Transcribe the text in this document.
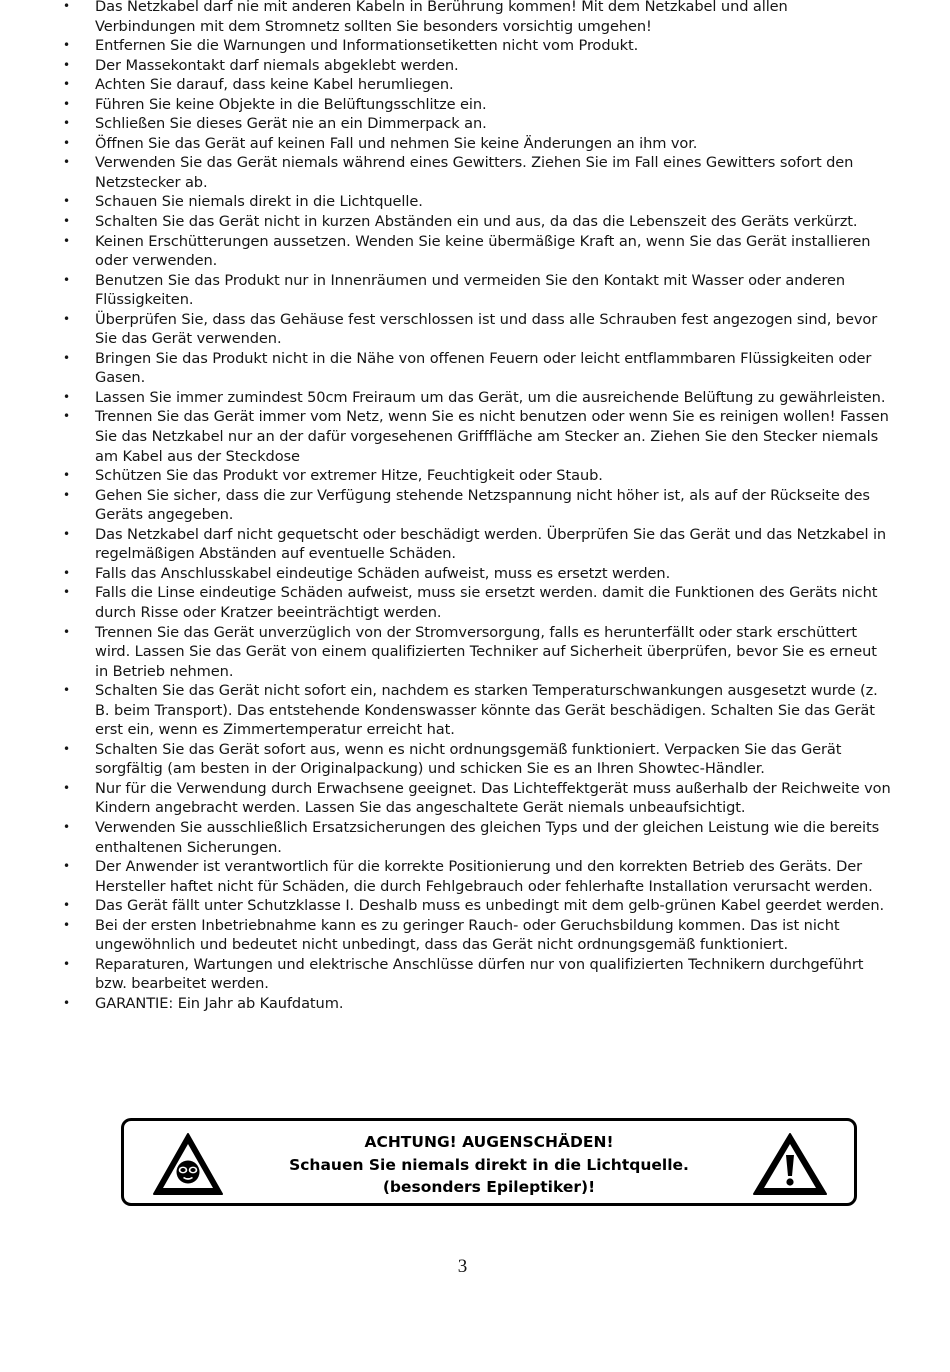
• Das Netzkabel darf nie mit anderen Kabeln in Berührung kommen! Mit dem Netzkabel und allen Verbindungen mit dem Stromnetz sollten Sie besonders vorsichtig umgehen!
• Entfernen Sie die Warnungen und Informationsetiketten nicht vom Produkt.
• Der Massekontakt darf niemals abgeklebt werden.
• Achten Sie darauf, dass keine Kabel herumliegen.
• Führen Sie keine Objekte in die Belüftungsschlitze ein.
• Schließen Sie dieses Gerät nie an ein Dimmerpack an.
• Öffnen Sie das Gerät auf keinen Fall und nehmen Sie keine Änderungen an ihm vor.
• Verwenden Sie das Gerät niemals während eines Gewitters. Ziehen Sie im Fall eines Gewitters sofort den Netzstecker ab.
• Schauen Sie niemals direkt in die Lichtquelle.
• Schalten Sie das Gerät nicht in kurzen Abständen ein und aus, da das die Lebenszeit des Geräts verkürzt.
• Keinen Erschütterungen aussetzen. Wenden Sie keine übermäßige Kraft an, wenn Sie das Gerät installieren oder verwenden.
• Benutzen Sie das Produkt nur in Innenräumen und vermeiden Sie den Kontakt mit Wasser oder anderen Flüssigkeiten.
• Überprüfen Sie, dass das Gehäuse fest verschlossen ist und dass alle Schrauben fest angezogen sind, bevor Sie das Gerät verwenden.
• Bringen Sie das Produkt nicht in die Nähe von offenen Feuern oder leicht entflammbaren Flüssigkeiten oder Gasen.
• Lassen Sie immer zumindest 50cm Freiraum um das Gerät, um die ausreichende Belüftung zu gewährleisten.
• Trennen Sie das Gerät immer vom Netz, wenn Sie es nicht benutzen oder wenn Sie es reinigen wollen! Fassen Sie das Netzkabel nur an der dafür vorgesehenen Grifffläche am Stecker an. Ziehen Sie den Stecker niemals am Kabel aus der Steckdose
• Schützen Sie das Produkt vor extremer Hitze, Feuchtigkeit oder Staub.
• Gehen Sie sicher, dass die zur Verfügung stehende Netzspannung nicht höher ist, als auf der Rückseite des Geräts angegeben.
• Das Netzkabel darf nicht gequetscht oder beschädigt werden. Überprüfen Sie das Gerät und das Netzkabel in regelmäßigen Abständen auf eventuelle Schäden.
• Falls das Anschlusskabel eindeutige Schäden aufweist, muss es ersetzt werden.
• Falls die Linse eindeutige Schäden aufweist, muss sie ersetzt werden. damit die Funktionen des Geräts nicht durch Risse oder Kratzer beeinträchtigt werden.
• Trennen Sie das Gerät unverzüglich von der Stromversorgung, falls es herunterfällt oder stark erschüttert wird. Lassen Sie das Gerät von einem qualifizierten Techniker auf Sicherheit überprüfen, bevor Sie es erneut in Betrieb nehmen.
• Schalten Sie das Gerät nicht sofort ein, nachdem es starken Temperaturschwankungen ausgesetzt wurde (z. B. beim Transport). Das entstehende Kondenswasser könnte das Gerät beschädigen. Schalten Sie das Gerät erst ein, wenn es Zimmertemperatur erreicht hat.
• Schalten Sie das Gerät sofort aus, wenn es nicht ordnungsgemäß funktioniert. Verpacken Sie das Gerät sorgfältig (am besten in der Originalpackung) und schicken Sie es an Ihren Showtec-Händler.
• Nur für die Verwendung durch Erwachsene geeignet. Das Lichteffektgerät muss außerhalb der Reichweite von Kindern angebracht werden. Lassen Sie das angeschaltete Gerät niemals unbeaufsichtigt.
• Verwenden Sie ausschließlich Ersatzsicherungen des gleichen Typs und der gleichen Leistung wie die bereits enthaltenen Sicherungen.
• Der Anwender ist verantwortlich für die korrekte Positionierung und den korrekten Betrieb des Geräts. Der Hersteller haftet nicht für Schäden, die durch Fehlgebrauch oder fehlerhafte Installation verursacht werden.
• Das Gerät fällt unter Schutzklasse I. Deshalb muss es unbedingt mit dem gelb-grünen Kabel geerdet werden.
• Bei der ersten Inbetriebnahme kann es zu geringer Rauch- oder Geruchsbildung kommen. Das ist nicht ungewöhnlich und bedeutet nicht unbedingt, dass das Gerät nicht ordnungsgemäß funktioniert.
• Reparaturen, Wartungen und elektrische Anschlüsse dürfen nur von qualifizierten Technikern durchgeführt bzw. bearbeitet werden.
• GARANTIE: Ein Jahr ab Kaufdatum.
ACHTUNG! AUGENSCHÄDEN!
Schauen Sie niemals direkt in die Lichtquelle.
(besonders Epileptiker)!
3
